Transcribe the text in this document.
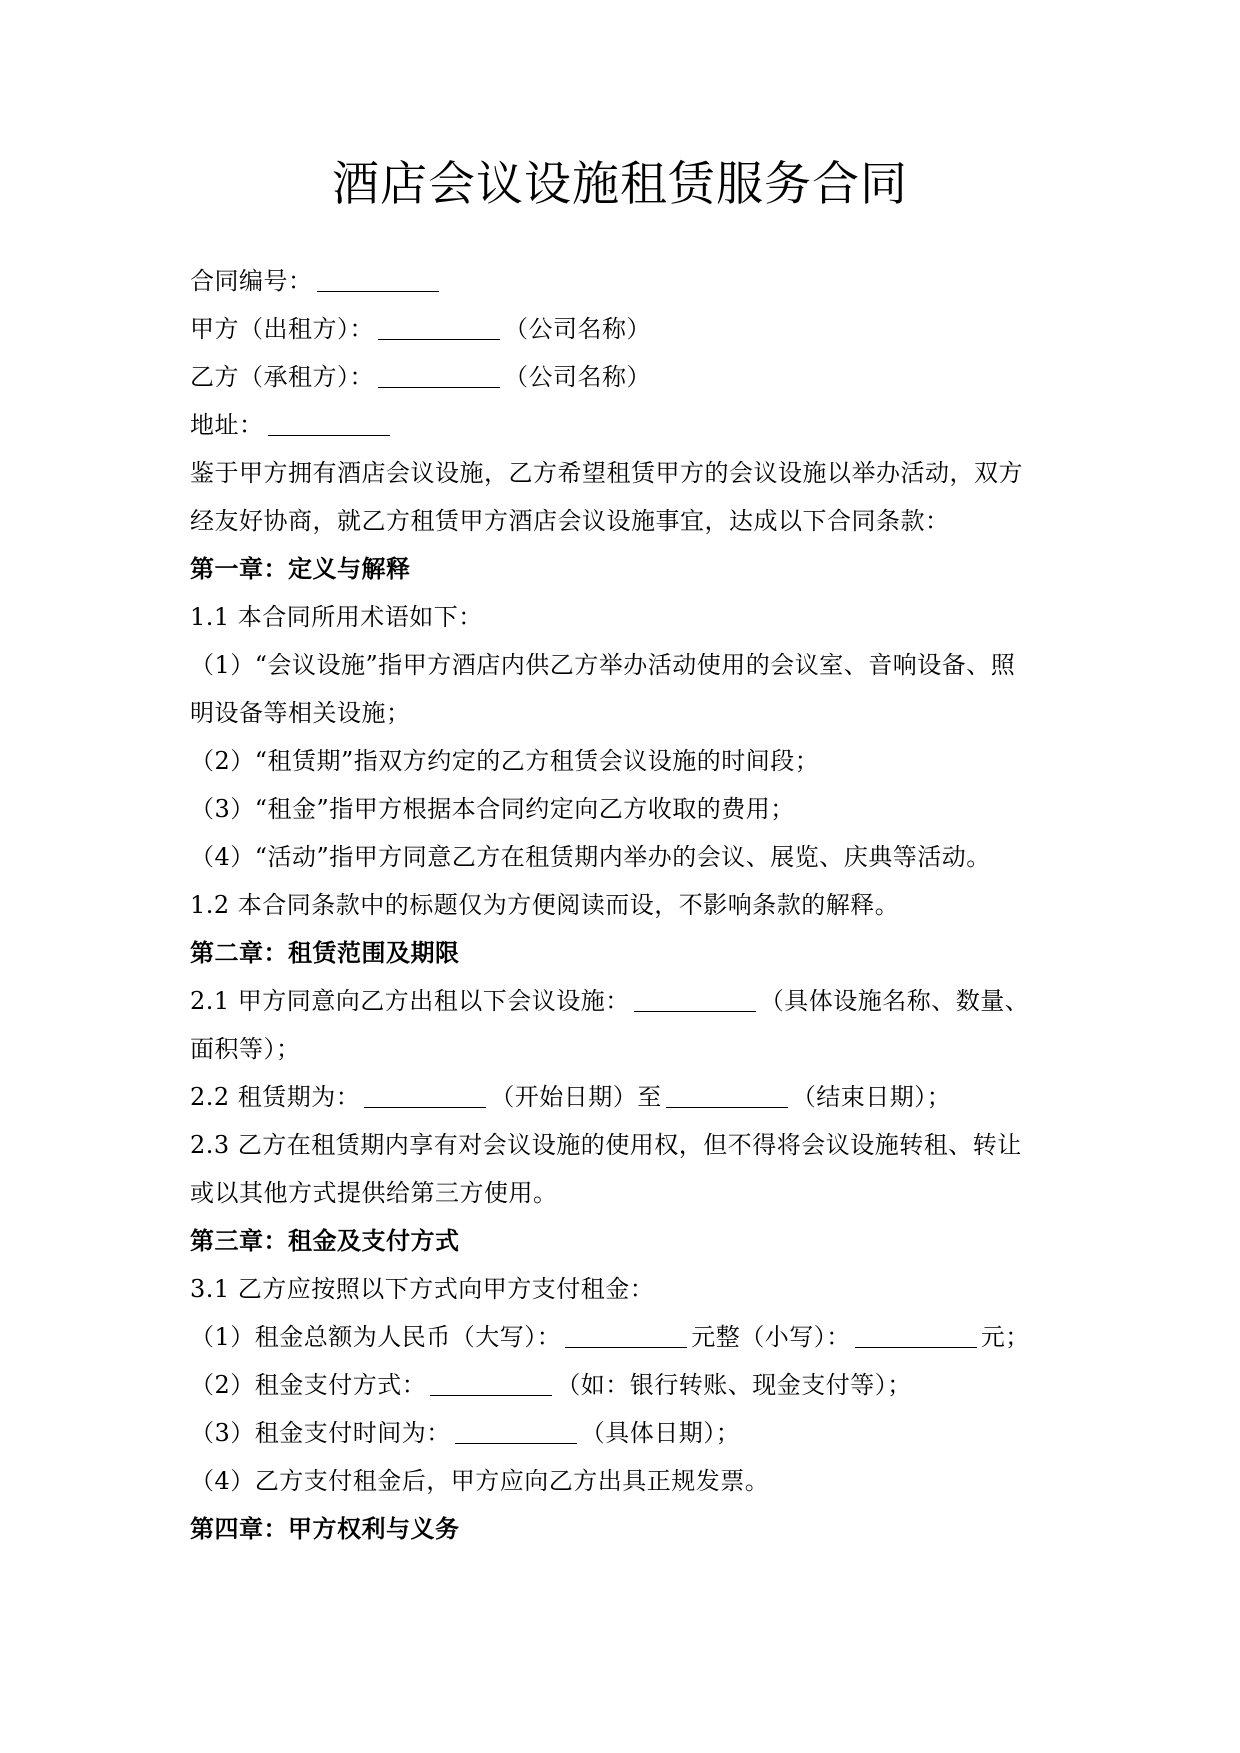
酒店会议设施租赁服务合同
合同编号：
甲方（出租方）：	（公司名称）
乙方（承租方）：	（公司名称）
地址：
鉴于甲方拥有酒店会议设施，乙方希望租赁甲方的会议设施以举办活动，双方
经友好协商，就乙方租赁甲方酒店会议设施事宜，达成以下合同条款：
第一章：定义与解释
1.1 本合同所用术语如下：
（1）“会议设施”指甲方酒店内供乙方举办活动使用的会议室、音响设备、照
明设备等相关设施；
（2）“租赁期”指双方约定的乙方租赁会议设施的时间段；
（3）“租金”指甲方根据本合同约定向乙方收取的费用；
（4）“活动”指甲方同意乙方在租赁期内举办的会议、展览、庆典等活动。
1.2 本合同条款中的标题仅为方便阅读而设，不影响条款的解释。
第二章：租赁范围及期限
2.1 甲方同意向乙方出租以下会议设施：	（具体设施名称、数量、
面积等）；
2.2 租赁期为：	（开始日期）至	（结束日期）；
2.3 乙方在租赁期内享有对会议设施的使用权，但不得将会议设施转租、转让
或以其他方式提供给第三方使用。
第三章：租金及支付方式
3.1 乙方应按照以下方式向甲方支付租金：
（1）租金总额为人民币（大写）：	元整（小写）：	元；
（2）租金支付方式：	（如：银行转账、现金支付等）；
（3）租金支付时间为：	（具体日期）；
（4）乙方支付租金后，甲方应向乙方出具正规发票。
第四章：甲方权利与义务
